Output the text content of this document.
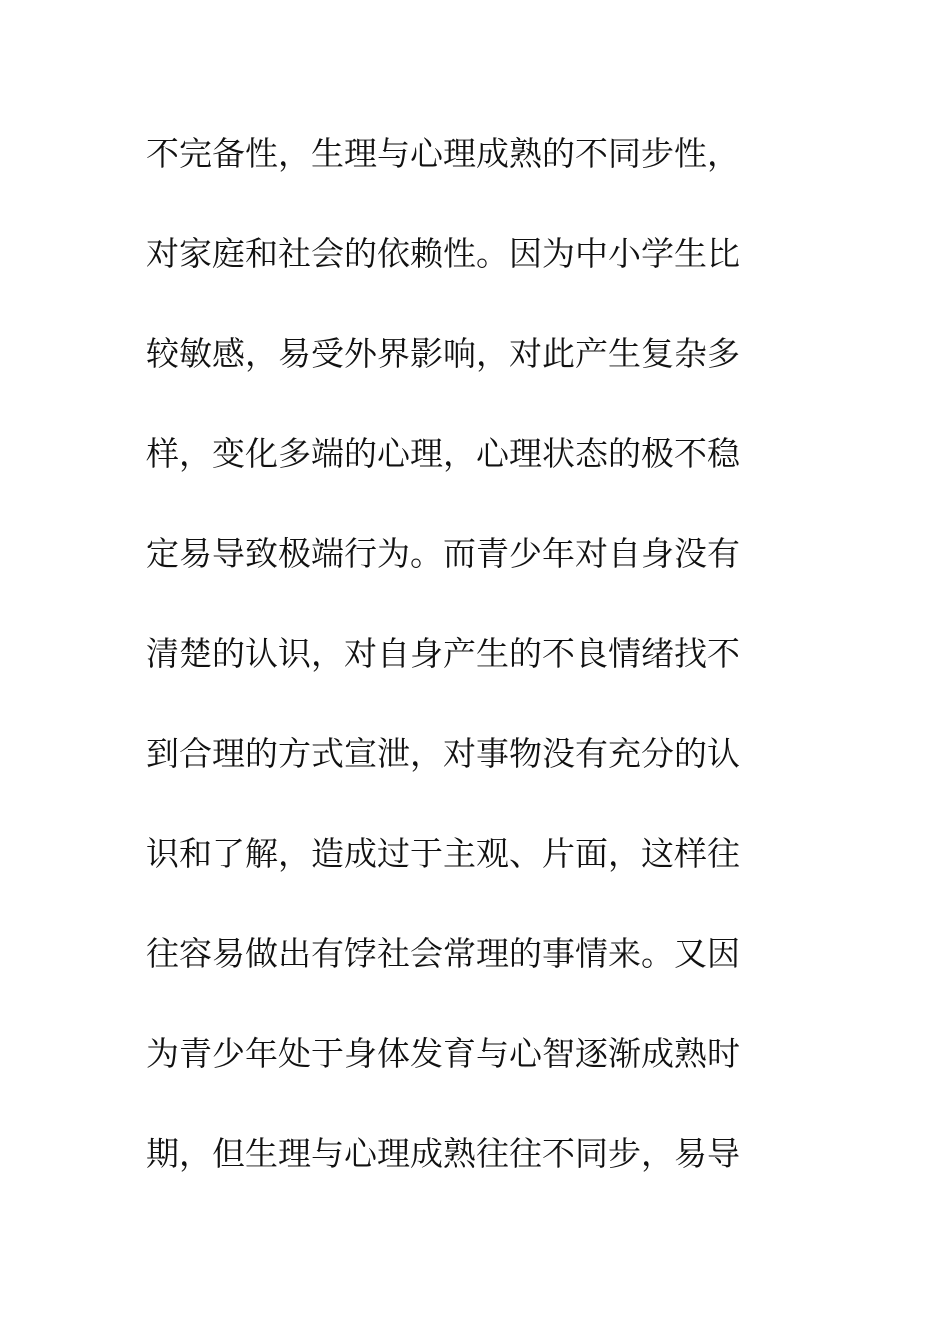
不完备性，生理与心理成熟的不同步性，
对家庭和社会的依赖性。因为中小学生比
较敏感，易受外界影响，对此产生复杂多
样，变化多端的心理，心理状态的极不稳
定易导致极端行为。而青少年对自身没有
清楚的认识，对自身产生的不良情绪找不
到合理的方式宣泄，对事物没有充分的认
识和了解，造成过于主观、片面，这样往
往容易做出有饽社会常理的事情来。又因
为青少年处于身体发育与心智逐渐成熟时
期，但生理与心理成熟往往不同步，易导
